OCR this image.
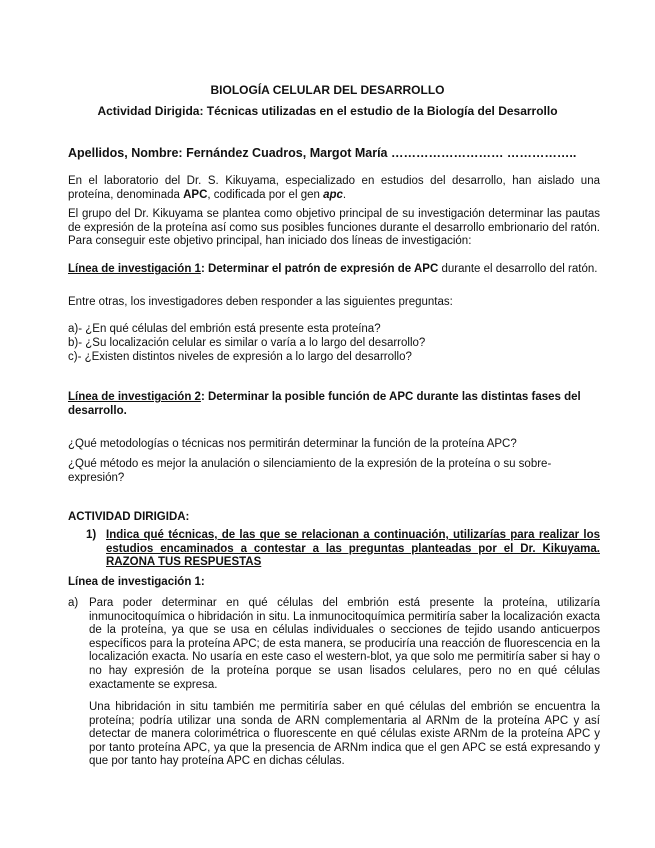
BIOLOGÍA CELULAR DEL DESARROLLO
Actividad Dirigida: Técnicas utilizadas en el estudio de la Biología del Desarrollo
Apellidos, Nombre: Fernández Cuadros, Margot María ……………………… ……………..
En el laboratorio del Dr. S. Kikuyama, especializado en estudios del desarrollo, han aislado una proteína, denominada APC, codificada por el gen apc.
El grupo del Dr. Kikuyama se plantea como objetivo principal de su investigación determinar las pautas de expresión de la proteína así como sus posibles funciones durante el desarrollo embrionario del ratón. Para conseguir este objetivo principal, han iniciado dos líneas de investigación:
Línea de investigación 1: Determinar el patrón de expresión de APC durante el desarrollo del ratón.
Entre otras, los investigadores deben responder a las siguientes preguntas:
a)- ¿En qué células del embrión está presente esta proteína?
b)- ¿Su localización celular es similar o varía a lo largo del desarrollo?
c)- ¿Existen distintos niveles de expresión a lo largo del desarrollo?
Línea de investigación 2: Determinar la posible función de APC durante las distintas fases del desarrollo.
¿Qué metodologías o técnicas nos permitirán determinar la función de la proteína APC?
¿Qué método es mejor la anulación o silenciamiento de la expresión de la proteína o su sobre-expresión?
ACTIVIDAD DIRIGIDA:
1) Indica qué técnicas, de las que se relacionan a continuación, utilizarías para realizar los estudios encaminados a contestar a las preguntas planteadas por el Dr. Kikuyama. RAZONA TUS RESPUESTAS
Línea de investigación 1:
a) Para poder determinar en qué células del embrión está presente la proteína, utilizaría inmunocitoquímica o hibridación in situ. La inmunocitoquímica permitiría saber la localización exacta de la proteína, ya que se usa en células individuales o secciones de tejido usando anticuerpos específicos para la proteína APC; de esta manera, se produciría una reacción de fluorescencia en la localización exacta. No usaría en este caso el western-blot, ya que solo me permitiría saber si hay o no hay expresión de la proteína porque se usan lisados celulares, pero no en qué células exactamente se expresa.
Una hibridación in situ también me permitiría saber en qué células del embrión se encuentra la proteína; podría utilizar una sonda de ARN complementaria al ARNm de la proteína APC y así detectar de manera colorimétrica o fluorescente en qué células existe ARNm de la proteína APC y por tanto proteína APC, ya que la presencia de ARNm indica que el gen APC se está expresando y que por tanto hay proteína APC en dichas células.
